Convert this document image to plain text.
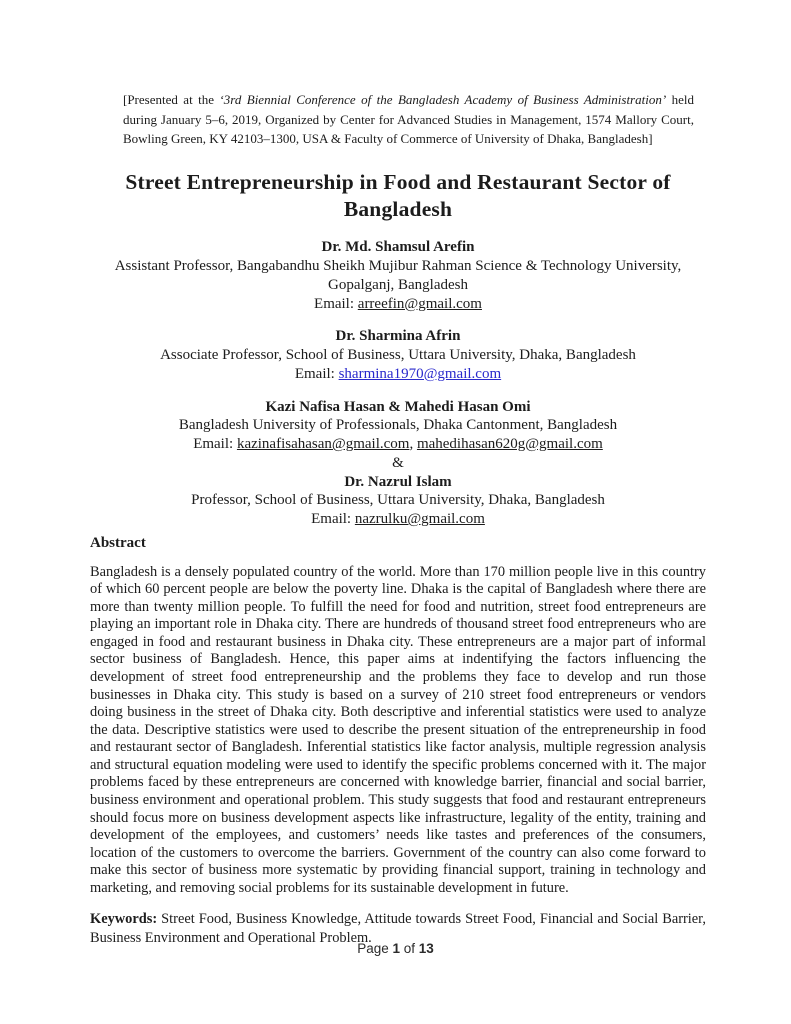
[Presented at the ‘3rd Biennial Conference of the Bangladesh Academy of Business Administration’ held during January 5–6, 2019, Organized by Center for Advanced Studies in Management, 1574 Mallory Court, Bowling Green, KY 42103–1300, USA & Faculty of Commerce of University of Dhaka, Bangladesh]

Street Entrepreneurship in Food and Restaurant Sector of Bangladesh

Dr. Md. Shamsul Arefin

Assistant Professor, Bangabandhu Sheikh Mujibur Rahman Science & Technology University, Gopalganj, Bangladesh

Email: arreefin@gmail.com

Dr. Sharmina Afrin

Associate Professor, School of Business, Uttara University, Dhaka, Bangladesh

Email: sharmina1970@gmail.com

Kazi Nafisa Hasan & Mahedi Hasan Omi

Bangladesh University of Professionals, Dhaka Cantonment, Bangladesh

Email: kazinafisahasan@gmail.com, mahedihasan620g@gmail.com

&

Dr. Nazrul Islam

Professor, School of Business, Uttara University, Dhaka, Bangladesh

Email: nazrulku@gmail.com

Abstract

Bangladesh is a densely populated country of the world. More than 170 million people live in this country of which 60 percent people are below the poverty line. Dhaka is the capital of Bangladesh where there are more than twenty million people. To fulfill the need for food and nutrition, street food entrepreneurs are playing an important role in Dhaka city. There are hundreds of thousand street food entrepreneurs who are engaged in food and restaurant business in Dhaka city. These entrepreneurs are a major part of informal sector business of Bangladesh. Hence, this paper aims at indentifying the factors influencing the development of street food entrepreneurship and the problems they face to develop and run those businesses in Dhaka city. This study is based on a survey of 210 street food entrepreneurs or vendors doing business in the street of Dhaka city. Both descriptive and inferential statistics were used to analyze the data. Descriptive statistics were used to describe the present situation of the entrepreneurship in food and restaurant sector of Bangladesh. Inferential statistics like factor analysis, multiple regression analysis and structural equation modeling were used to identify the specific problems concerned with it. The major problems faced by these entrepreneurs are concerned with knowledge barrier, financial and social barrier, business environment and operational problem. This study suggests that food and restaurant entrepreneurs should focus more on business development aspects like infrastructure, legality of the entity, training and development of the employees, and customers’ needs like tastes and preferences of the consumers, location of the customers to overcome the barriers. Government of the country can also come forward to make this sector of business more systematic by providing financial support, training in technology and marketing, and removing social problems for its sustainable development in future.

Keywords: Street Food, Business Knowledge, Attitude towards Street Food, Financial and Social Barrier, Business Environment and Operational Problem.

Page 1 of 13
